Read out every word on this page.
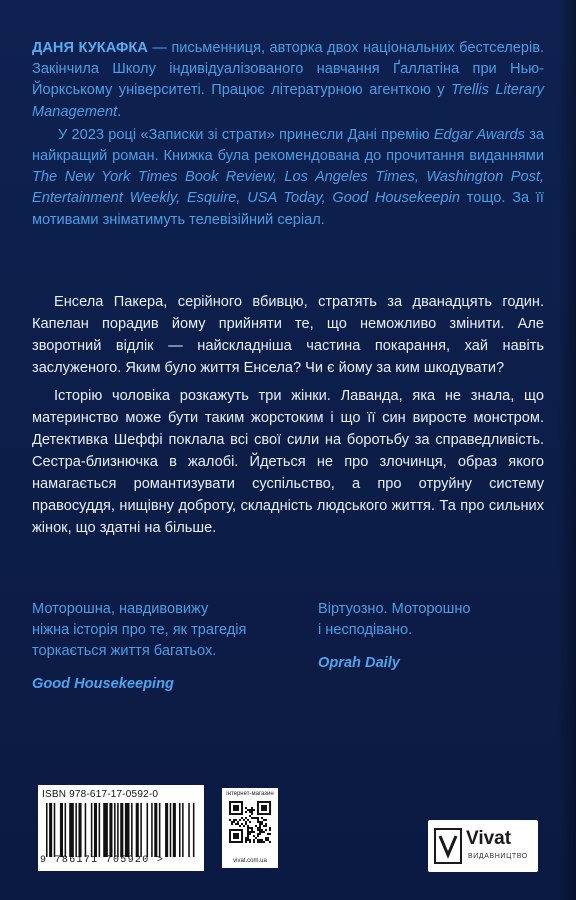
ДАНЯ КУКАФКА — письменниця, авторка двох національних бестселерів. Закінчила Школу індивідуалізованого навчання Ґаллатіна при Нью-Йоркському університеті. Працює літературною агенткою у Trellis Literary Management.

У 2023 році «Записки зі страти» принесли Дані премію Edgar Awards за найкращий роман. Книжка була рекомендована до прочитання виданнями The New York Times Book Review, Los Angeles Times, Washington Post, Entertainment Weekly, Esquire, USA Today, Good Housekeepin тощо. За її мотивами зніматимуть телевізійний серіал.

Енсела Пакера, серійного вбивцю, стратять за дванадцять годин. Капелан порадив йому прийняти те, що неможливо змінити. Але зворотний відлік — найскладніша частина покарання, хай навіть заслуженого. Яким було життя Енсела? Чи є йому за ким шкодувати?

Історію чоловіка розкажуть три жінки. Лаванда, яка не знала, що материнство може бути таким жорстоким і що її син виросте монстром. Детективка Шеффі поклала всі свої сили на боротьбу за справедливість. Сестра-близнючка в жалобі. Йдеться не про злочинця, образ якого намагається романтизувати суспільство, а про отруйну систему правосуддя, нищівну доброту, складність людського життя. Та про сильних жінок, що здатні на більше.

Моторошна, навдивовижу
ніжна історія про те, як трагедія
торкається життя багатьох.
Good Housekeeping
Віртуозно. Моторошно
і несподівано.
Oprah Daily
ISBN 978-617-17-0592-0
9 786171 705920 >
інтернет-магазин
vivat.com.ua
Vivat
ВИДАВНИЦТВО
